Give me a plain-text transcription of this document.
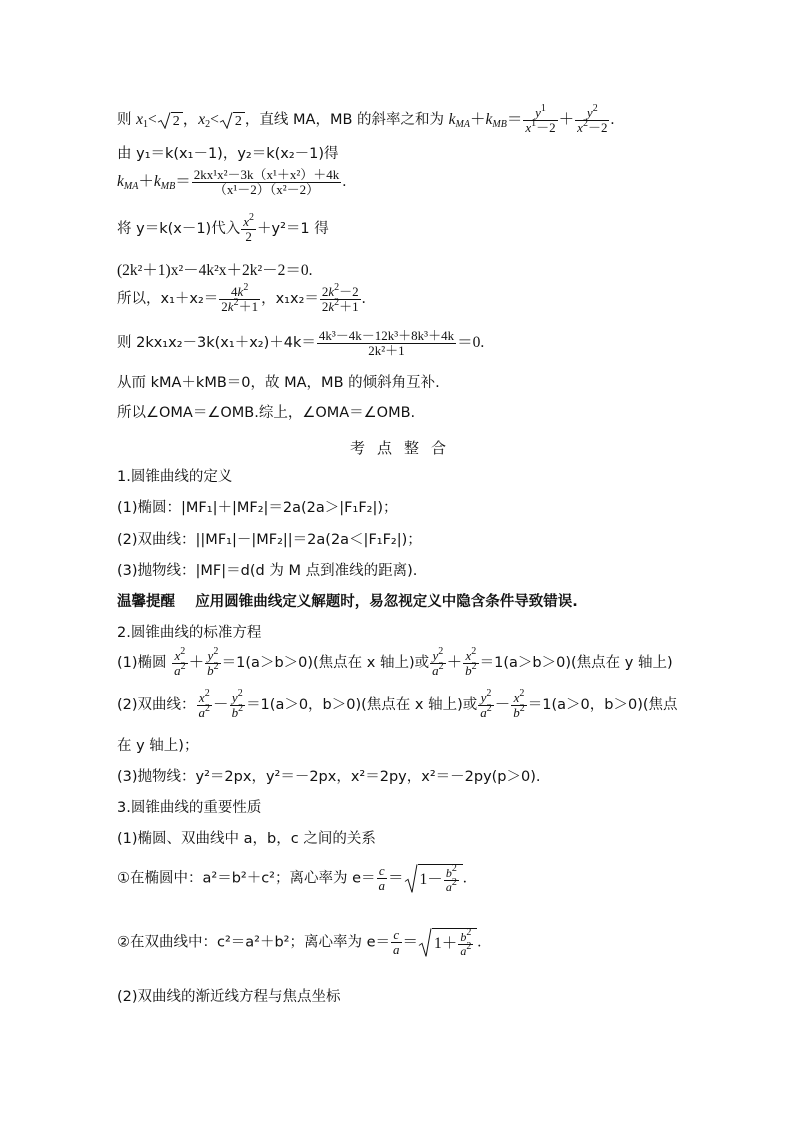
则 $x_1< 2$ ，$x_2< 2$ ，直线 MA，MB 的斜率之和为 $k_{MA}+k_{MB}= \frac{y^1}{x^1-2} + \frac{y^2}{x^2-2}$ .
由 y₁＝k(x₁－1)，y₂＝k(x₂－1)得
$k_{MA}+k_{MB}= \frac{\text{2kx¹x²－3k（x¹＋x²）＋4k}}{\text{（x¹－2）（x²－2）}}$ .
将 y＝k(x－1)代入 $\frac{x^2}{2} +y^2=1$ 得
(2k²＋1)x²－4k²x＋2k²－2＝0.
所以，$x_1+x_2= \frac{4k^2}{2k^2+1}$ ，$x_1x_2= \frac{2k^2-2}{2k^2+1}$ .
则 $2kx_1x_2-3k(x_1+x_2)+4k= \frac{\text{4k³－4k－12k³＋8k³＋4k}}{\text{2k²＋1}} =0$.
从而 kMA＋kMB＝0，故 MA，MB 的倾斜角互补.
所以∠OMA＝∠OMB.综上，∠OMA＝∠OMB.
考点整合
1.圆锥曲线的定义
(1)椭圆：|MF₁|＋|MF₂|＝2a(2a＞|F₁F₂|)；
(2)双曲线：||MF₁|－|MF₂||＝2a(2a＜|F₁F₂|)；
(3)抛物线：|MF|＝d(d 为 M 点到准线的距离).
温馨提醒 应用圆锥曲线定义解题时，易忽视定义中隐含条件导致错误.
2.圆锥曲线的标准方程
(1)椭圆 $\frac{x^2}{a^2} + \frac{y^2}{b^2} =1(a>b>0)$(焦点在 x 轴上)或 $\frac{y^2}{a^2} + \frac{x^2}{b^2} =1(a>b>0)$(焦点在 y 轴上)
(2)双曲线： $\frac{x^2}{a^2} - \frac{y^2}{b^2} =1(a>0$，b＞0)(焦点在 x 轴上)或 $\frac{y^2}{a^2} - \frac{x^2}{b^2} =1(a>0$，b＞0)(焦点
在 y 轴上)；
(3)抛物线：y²＝2px，y²＝－2px，x²＝2py，x²＝－2py(p＞0).
3.圆锥曲线的重要性质
(1)椭圆、双曲线中 a，b，c 之间的关系
①在椭圆中：a²＝b²＋c²；离心率为 $e= \frac{c}{a} = 1- \frac{b^2}{a^2}$ .
②在双曲线中：c²＝a²＋b²；离心率为 $e= \frac{c}{a} = 1+ \frac{b^2}{a^2}$ .
(2)双曲线的渐近线方程与焦点坐标
